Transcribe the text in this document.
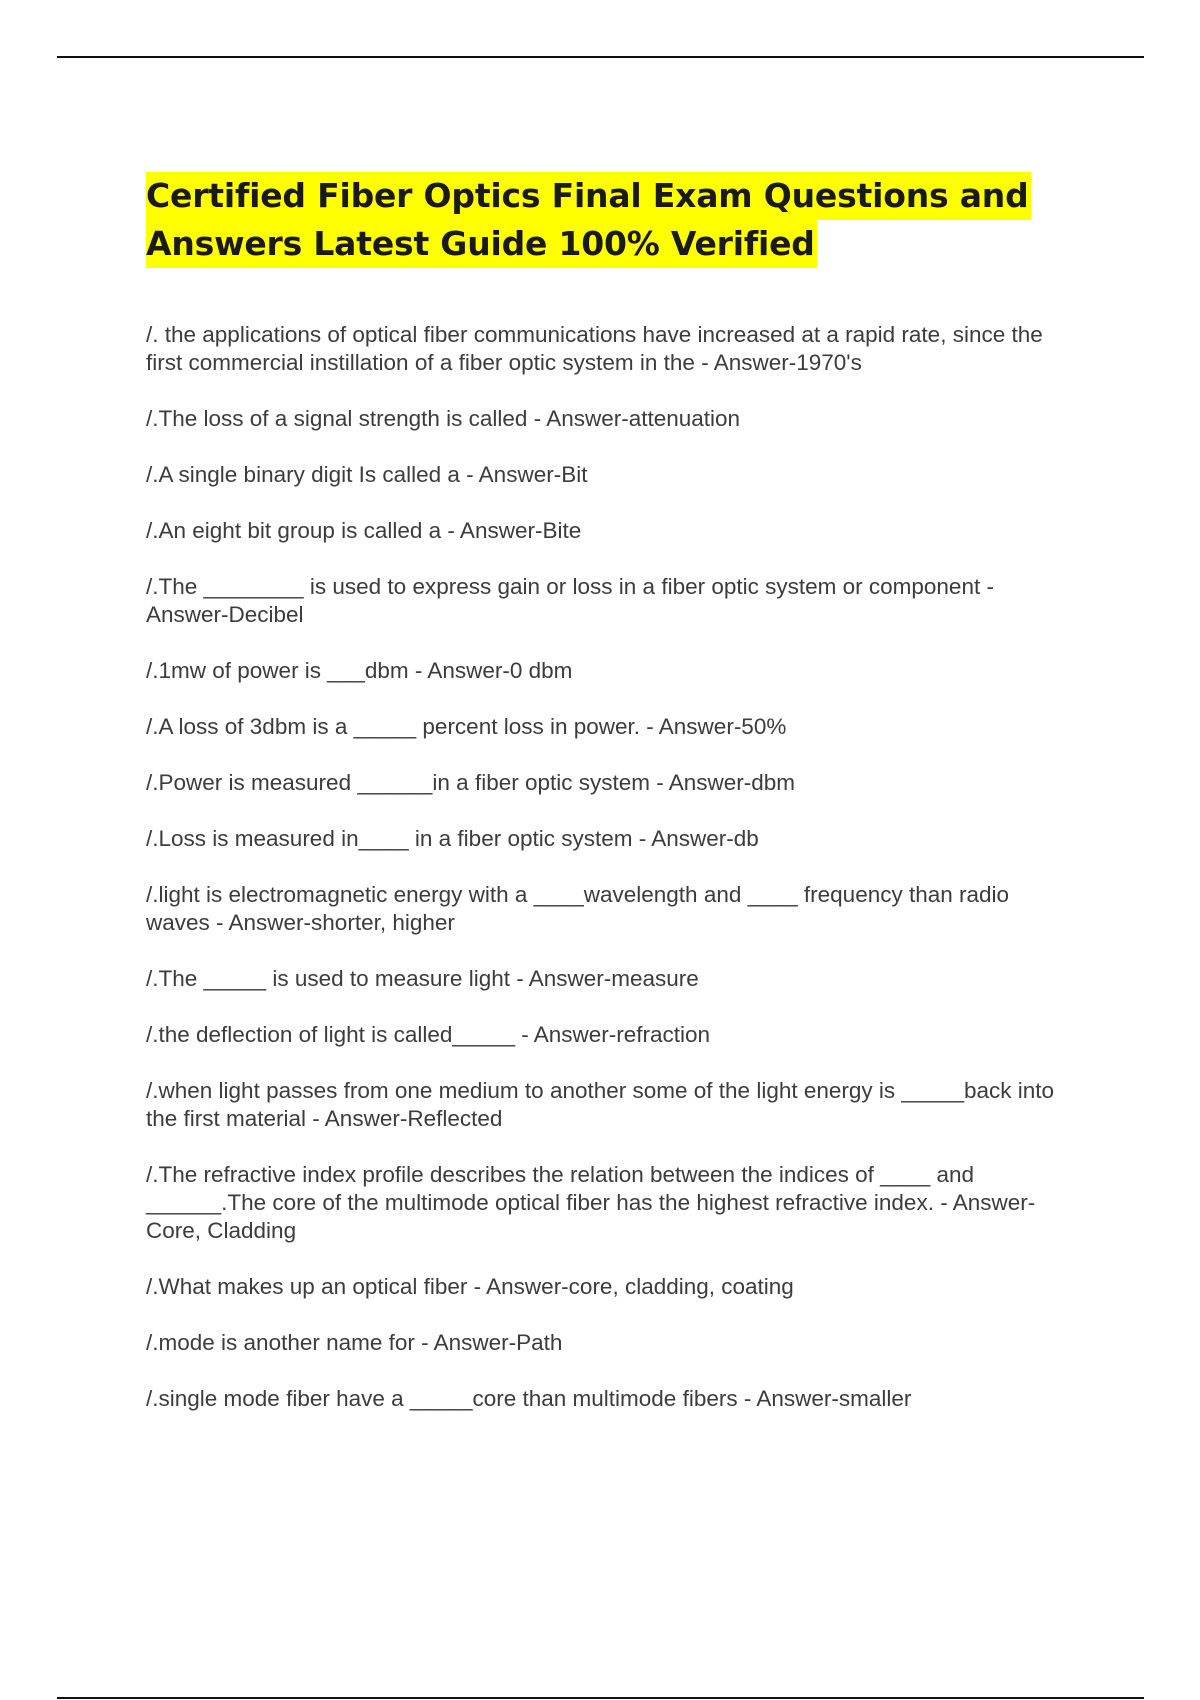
Certified Fiber Optics Final Exam Questions and
Answers Latest Guide 100% Verified
/. the applications of optical fiber communications have increased at a rapid rate, since the first commercial instillation of a fiber optic system in the - Answer-1970's
/.The loss of a signal strength is called - Answer-attenuation
/.A single binary digit Is called a - Answer-Bit
/.An eight bit group is called a - Answer-Bite
/.The ________ is used to express gain or loss in a fiber optic system or component - Answer-Decibel
/.1mw of power is ___dbm - Answer-0 dbm
/.A loss of 3dbm is a _____ percent loss in power. - Answer-50%
/.Power is measured ______in a fiber optic system - Answer-dbm
/.Loss is measured in____ in a fiber optic system - Answer-db
/.light is electromagnetic energy with a ____wavelength and ____ frequency than radio waves - Answer-shorter, higher
/.The _____ is used to measure light - Answer-measure
/.the deflection of light is called_____ - Answer-refraction
/.when light passes from one medium to another some of the light energy is _____back into the first material - Answer-Reflected
/.The refractive index profile describes the relation between the indices of ____ and ______.The core of the multimode optical fiber has the highest refractive index. - Answer-Core, Cladding
/.What makes up an optical fiber - Answer-core, cladding, coating
/.mode is another name for - Answer-Path
/.single mode fiber have a _____core than multimode fibers - Answer-smaller
